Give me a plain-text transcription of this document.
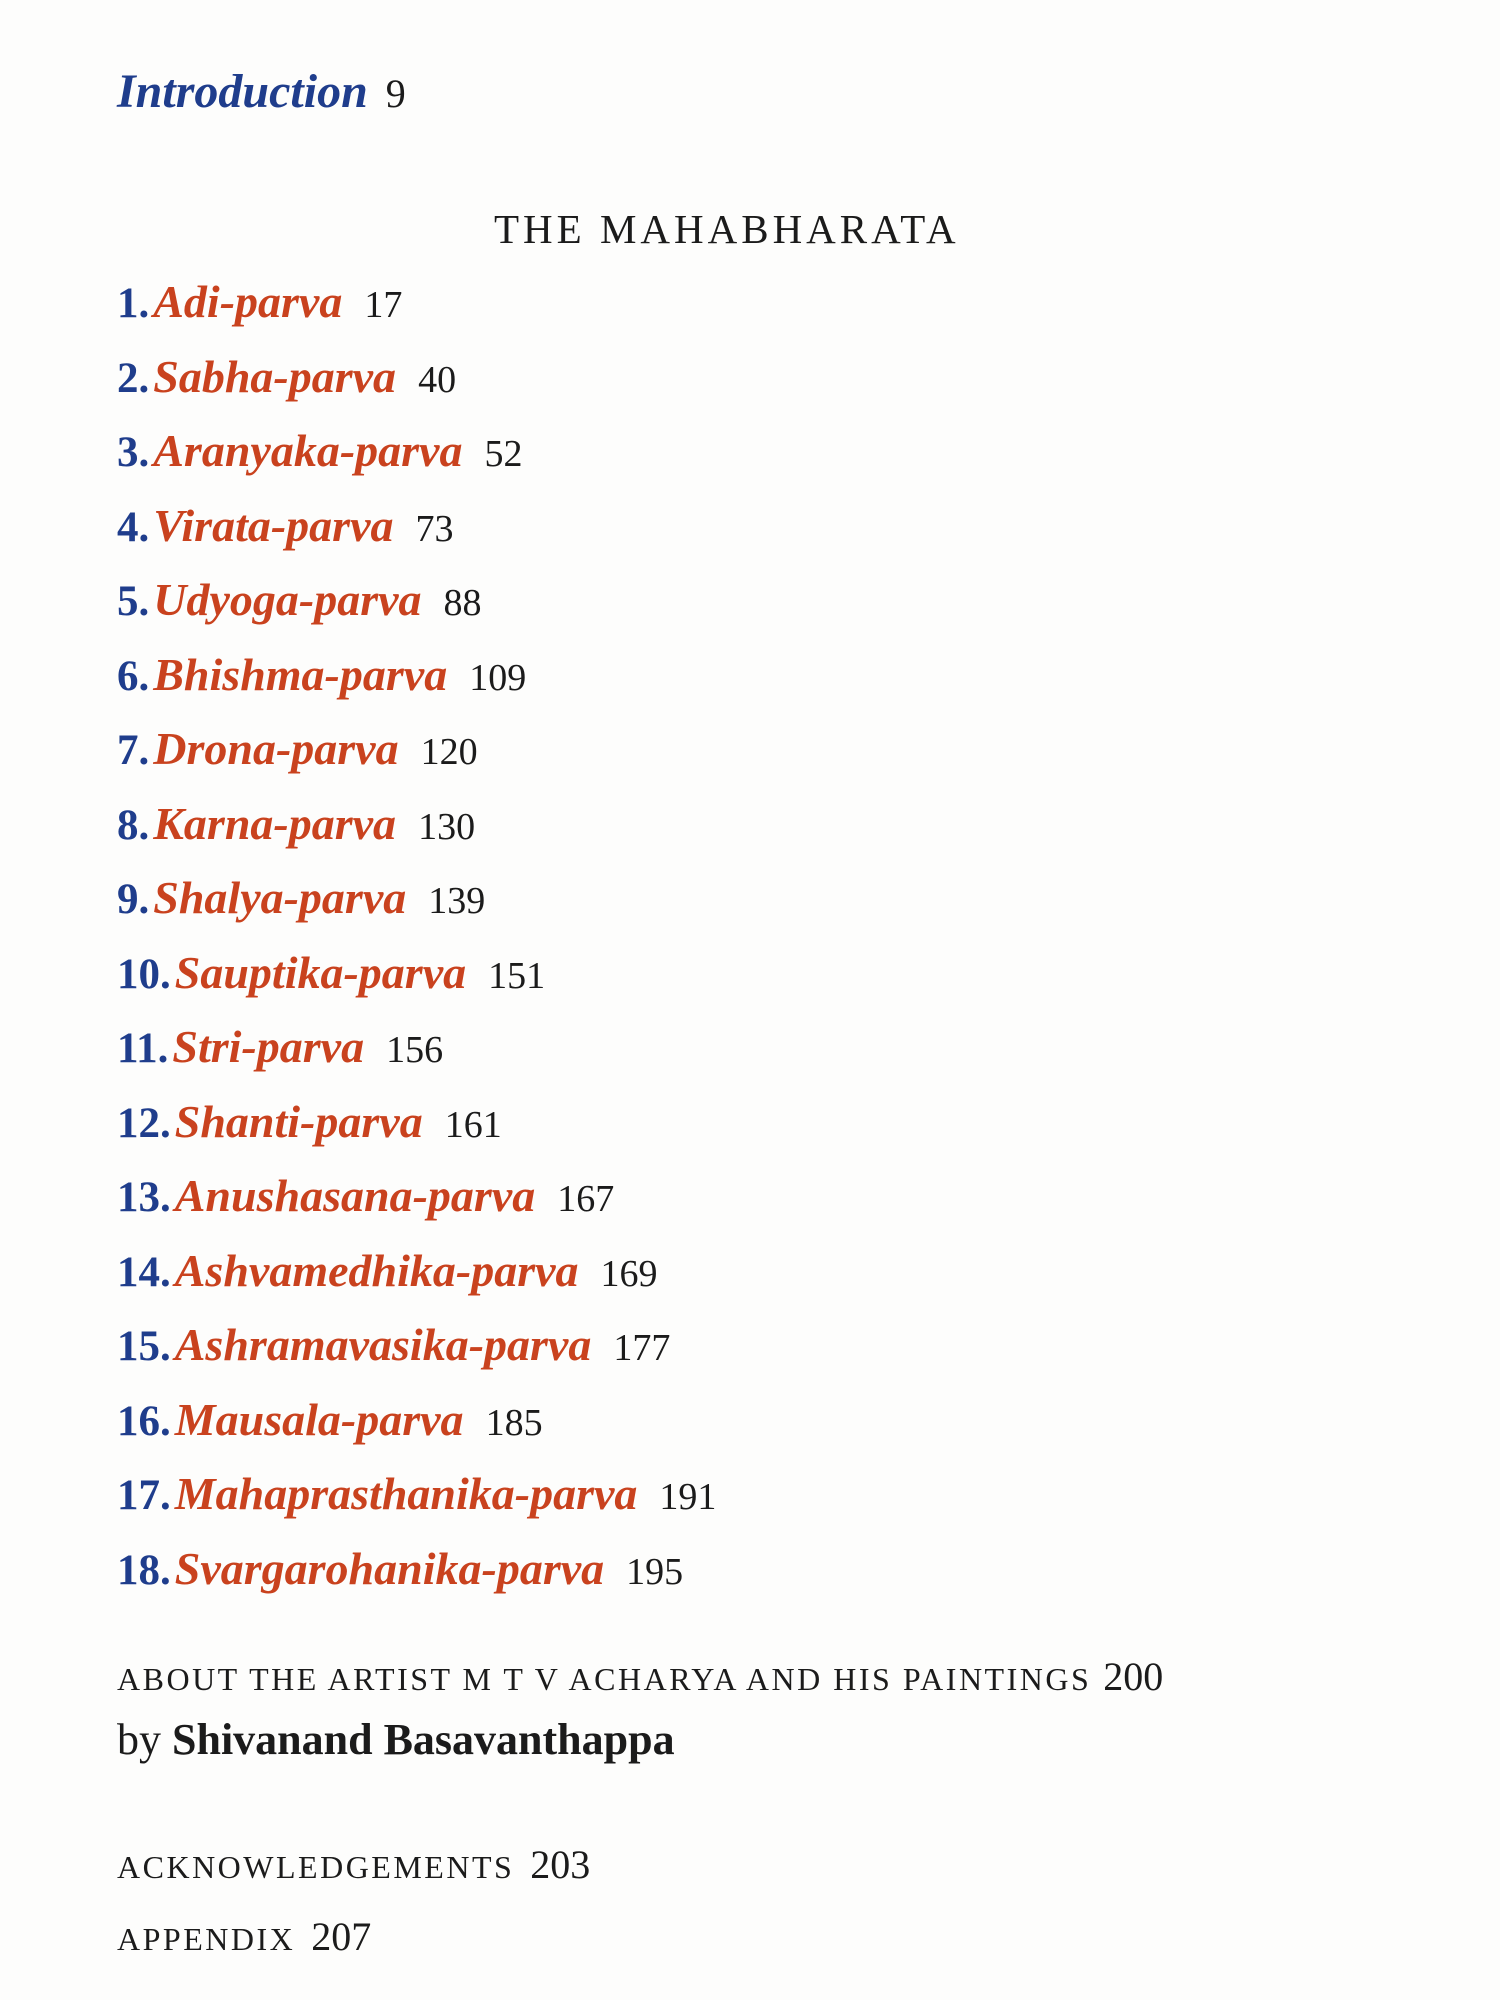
Introduction 9
THE MAHABHARATA
1.Adi-parva 17
2.Sabha-parva 40
3.Aranyaka-parva 52
4.Virata-parva 73
5.Udyoga-parva 88
6.Bhishma-parva 109
7.Drona-parva 120
8.Karna-parva 130
9.Shalya-parva 139
10.Sauptika-parva 151
11.Stri-parva 156
12.Shanti-parva 161
13.Anushasana-parva 167
14.Ashvamedhika-parva 169
15.Ashramavasika-parva 177
16.Mausala-parva 185
17.Mahaprasthanika-parva 191
18.Svargarohanika-parva 195
ABOUT THE ARTIST M T V ACHARYA AND HIS PAINTINGS 200
by Shivanand Basavanthappa
ACKNOWLEDGEMENTS 203
APPENDIX 207
